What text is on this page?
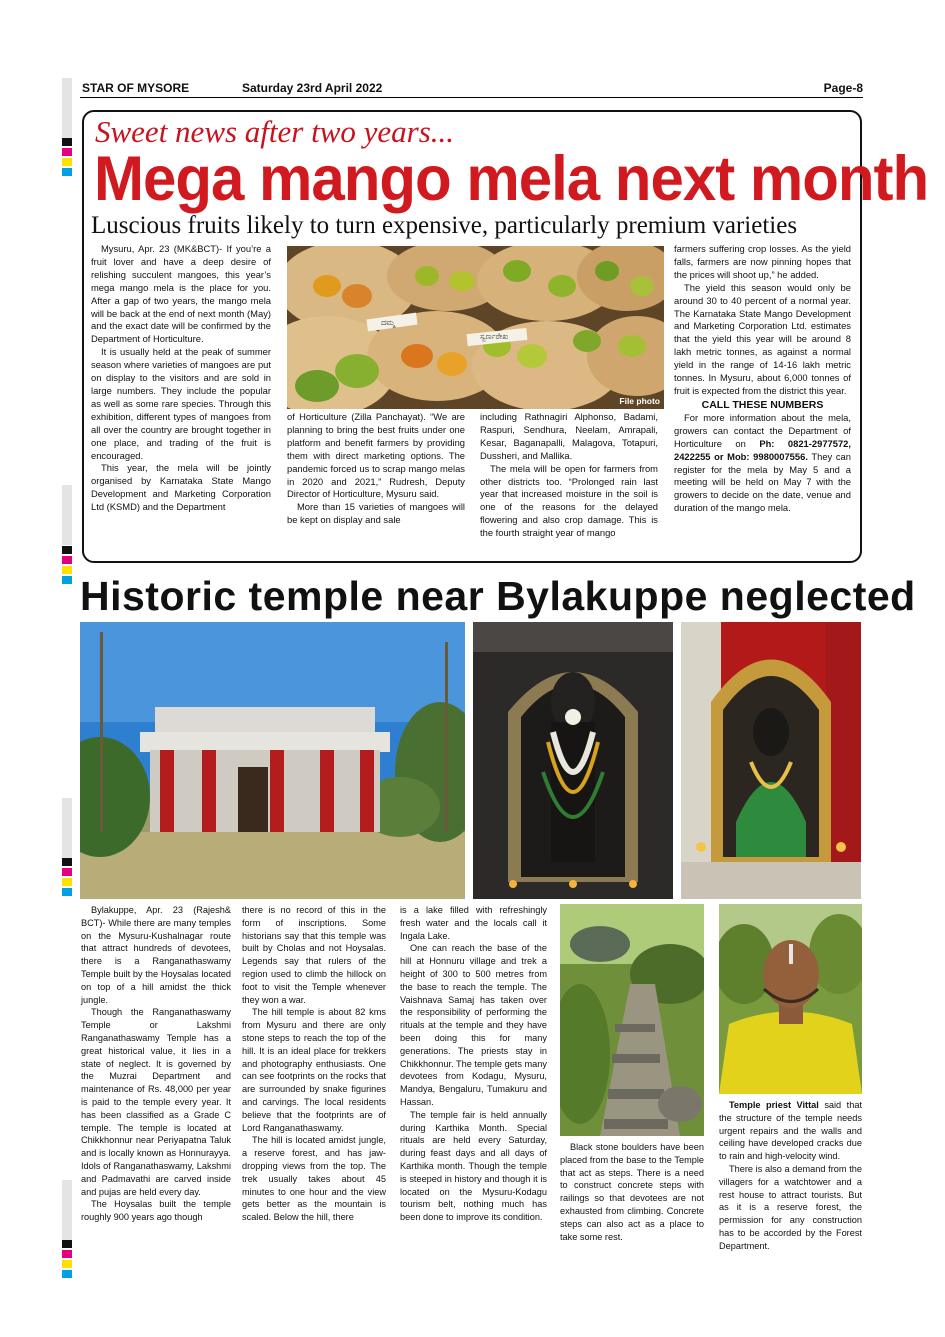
STAR OF MYSORE	Saturday 23rd April 2022	Page-8
Sweet news after two years...
Mega mango mela next month
Luscious fruits likely to turn expensive, particularly premium varieties

Mysuru, Apr. 23 (MK&BCT)- If you’re a fruit lover and have a deep desire of relishing succulent mangoes, this year’s mega mango mela is the place for you. After a gap of two years, the mango mela will be back at the end of next month (May) and the exact date will be confirmed by the Department of Horticulture.

It is usually held at the peak of summer season where varieties of mangoes are put on display to the visitors and are sold in large numbers. They include the popular as well as some rare species. Through this exhibition, different types of mangoes from all over the country are brought together in one place, and trading of the fruit is encouraged.

This year, the mela will be jointly organised by Karnataka State Mango Development and Marketing Corporation Ltd (KSMD) and the Department

ದಮ್ಮ
ಸ್ವರ್ಣರೇಖ
File photo

of Horticulture (Zilla Panchayat). “We are planning to bring the best fruits under one platform and benefit farmers by providing them with direct marketing options. The pandemic forced us to scrap mango melas in 2020 and 2021,” Rudresh, Deputy Director of Horticulture, Mysuru said.

More than 15 varieties of mangoes will be kept on display and sale

including Rathnagiri Alphonso, Badami, Raspuri, Sendhura, Neelam, Amrapali, Kesar, Baganapalli, Malagova, Totapuri, Dussheri, and Mallika.

The mela will be open for farmers from other districts too. “Prolonged rain last year that increased moisture in the soil is one of the reasons for the delayed flowering and also crop damage. This is the fourth straight year of mango

farmers suffering crop losses. As the yield falls, farmers are now pinning hopes that the prices will shoot up,” he added.

The yield this season would only be around 30 to 40 percent of a normal year. The Karnataka State Mango Development and Marketing Corporation Ltd. estimates that the yield this year will be around 8 lakh metric tonnes, as against a normal yield in the range of 14-16 lakh metric tonnes. In Mysuru, about 6,000 tonnes of fruit is expected from the district this year.

CALL THESE NUMBERS

For more information about the mela, growers can contact the Department of Horticulture on Ph: 0821-2977572, 2422255 or Mob: 9980007556. They can register for the mela by May 5 and a meeting will be held on May 7 with the growers to decide on the date, venue and duration of the mango mela.

Historic temple near Bylakuppe neglected

Bylakuppe, Apr. 23 (Rajesh& BCT)- While there are many temples on the Mysuru-Kushalnagar route that attract hundreds of devotees, there is a Ranganathaswamy Temple built by the Hoysalas located on top of a hill amidst the thick jungle.

Though the Ranganathaswamy Temple or Lakshmi Ranganathaswamy Temple has a great historical value, it lies in a state of neglect. It is governed by the Muzrai Department and maintenance of Rs. 48,000 per year is paid to the temple every year. It has been classified as a Grade C temple. The temple is located at Chikkhonnur near Periyapatna Taluk and is locally known as Honnurayya. Idols of Ranganathaswamy, Lakshmi and Padmavathi are carved inside and pujas are held every day.

The Hoysalas built the temple roughly 900 years ago though

there is no record of this in the form of inscriptions. Some historians say that this temple was built by Cholas and not Hoysalas. Legends say that rulers of the region used to climb the hillock on foot to visit the Temple whenever they won a war.

The hill temple is about 82 kms from Mysuru and there are only stone steps to reach the top of the hill. It is an ideal place for trekkers and photography enthusiasts. One can see footprints on the rocks that are surrounded by snake figurines and carvings. The local residents believe that the footprints are of Lord Ranganathaswamy.

The hill is located amidst jungle, a reserve forest, and has jaw-dropping views from the top. The trek usually takes about 45 minutes to one hour and the view gets better as the mountain is scaled. Below the hill, there

is a lake filled with refreshingly fresh water and the locals call it Ingala Lake.

One can reach the base of the hill at Honnuru village and trek a height of 300 to 500 metres from the base to reach the temple. The Vaishnava Samaj has taken over the responsibility of performing the rituals at the temple and they have been doing this for many generations. The priests stay in Chikkhonnur. The temple gets many devotees from Kodagu, Mysuru, Mandya, Bengaluru, Tumakuru and Hassan.

The temple fair is held annually during Karthika Month. Special rituals are held every Saturday, during feast days and all days of Karthika month. Though the temple is steeped in history and though it is located on the Mysuru-Kodagu tourism belt, nothing much has been done to improve its condition.

Black stone boulders have been placed from the base to the Temple that act as steps. There is a need to construct concrete steps with railings so that devotees are not exhausted from climbing. Concrete steps can also act as a place to take some rest.

Temple priest Vittal said that the structure of the temple needs urgent repairs and the walls and ceiling have developed cracks due to rain and high-velocity wind.

There is also a demand from the villagers for a watchtower and a rest house to attract tourists. But as it is a reserve forest, the permission for any construction has to be accorded by the Forest Department.
